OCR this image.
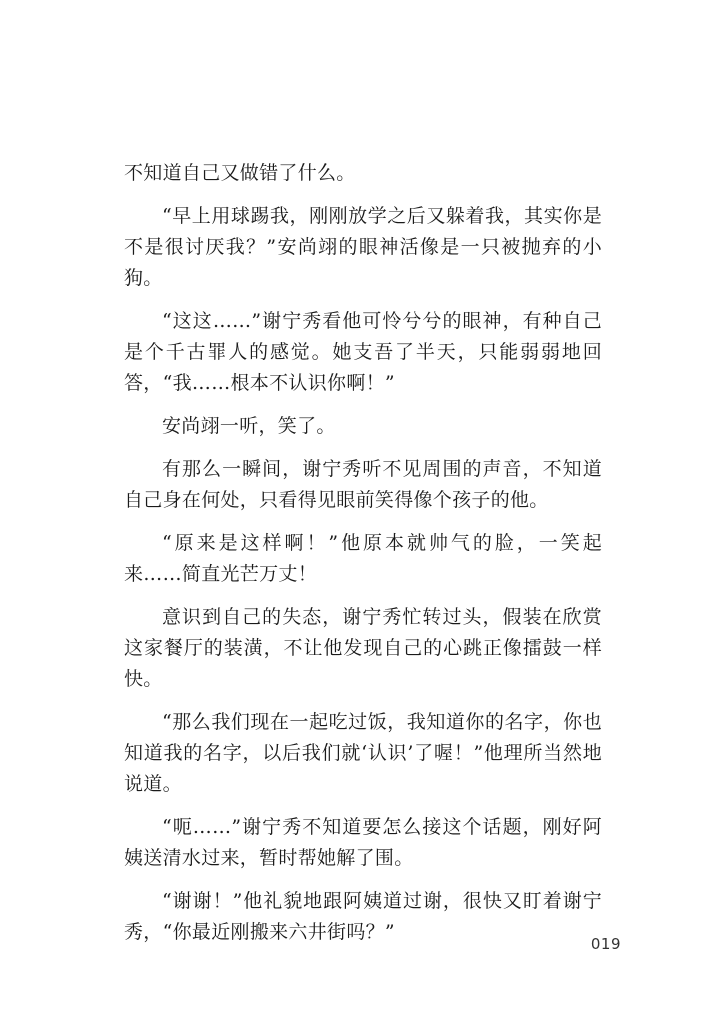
不知道自己又做错了什么。

“早上用球踢我，刚刚放学之后又躲着我，其实你是不是很讨厌我？”安尚翊的眼神活像是一只被抛弃的小狗。

“这这……”谢宁秀看他可怜兮兮的眼神，有种自己是个千古罪人的感觉。她支吾了半天，只能弱弱地回答，“我……根本不认识你啊！”

安尚翊一听，笑了。

有那么一瞬间，谢宁秀听不见周围的声音，不知道自己身在何处，只看得见眼前笑得像个孩子的他。

“原来是这样啊！”他原本就帅气的脸，一笑起来……简直光芒万丈！

意识到自己的失态，谢宁秀忙转过头，假装在欣赏这家餐厅的装潢，不让他发现自己的心跳正像擂鼓一样快。

“那么我们现在一起吃过饭，我知道你的名字，你也知道我的名字，以后我们就‘认识’了喔！”他理所当然地说道。

“呃……”谢宁秀不知道要怎么接这个话题，刚好阿姨送清水过来，暂时帮她解了围。

“谢谢！”他礼貌地跟阿姨道过谢，很快又盯着谢宁秀，“你最近刚搬来六井街吗？”

019
